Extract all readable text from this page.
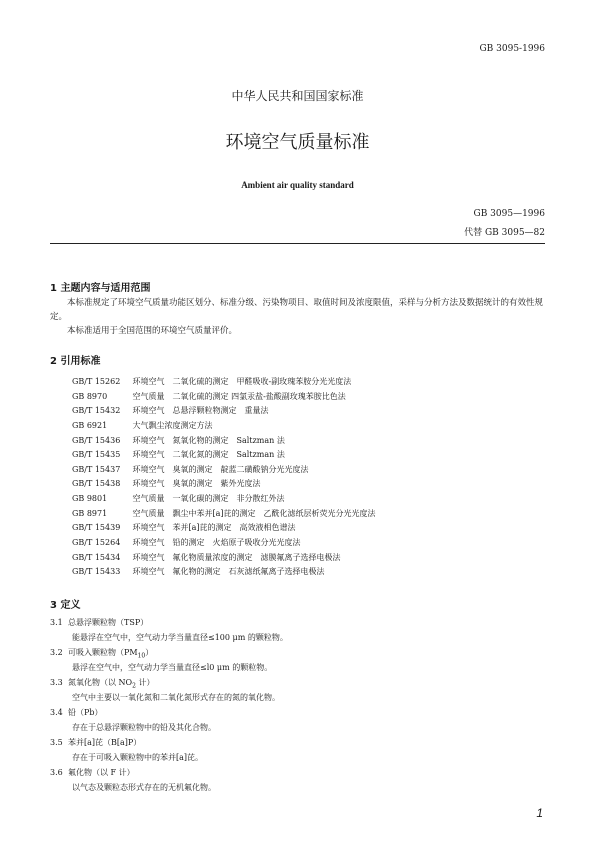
GB 3095-1996
中华人民共和国国家标准
环境空气质量标准
Ambient air quality standard
GB 3095—1996
代替 GB 3095—82
1 主题内容与适用范围

本标准规定了环境空气质量功能区划分、标准分级、污染物项目、取值时间及浓度限值，采样与分析方法及数据统计的有效性规定。

本标准适用于全国范围的环境空气质量评价。

2 引用标准
GB/T 15262 环境空气　二氧化硫的测定　甲醛吸收-副玫瑰苯胺分光光度法
GB 8970	空气质量　二氧化硫的测定 四氯汞盐-盐酸副玫瑰苯胺比色法
GB/T 15432 环境空气　总悬浮颗粒物测定　重量法
GB 6921	大气飘尘浓度测定方法
GB/T 15436 环境空气　氮氧化物的测定　Saltzman 法
GB/T 15435 环境空气　二氧化氮的测定　Saltzman 法
GB/T 15437 环境空气　臭氧的测定　靛蓝二磺酸钠分光光度法
GB/T 15438 环境空气　臭氧的测定　紫外光度法
GB 9801	空气质量　一氧化碳的测定　非分散红外法
GB 8971	空气质量　飘尘中苯并[a]芘的测定　乙酰化滤纸层析荧光分光光度法
GB/T 15439 环境空气　苯并[a]芘的测定　高效液相色谱法
GB/T 15264 环境空气　铅的测定　火焰原子吸收分光光度法
GB/T 15434 环境空气　氟化物质量浓度的测定　滤膜氟离子选择电极法
GB/T 15433 环境空气　氟化物的测定　石灰滤纸氟离子选择电极法
3 定义
3.1 总悬浮颗粒物（TSP）
能悬浮在空气中，空气动力学当量直径≤100 μm 的颗粒物。
3.2 可吸入颗粒物$(PM_{10})$
悬浮在空气中，空气动力学当量直径≤l0 μm 的颗粒物。
3.3 氮氧化物（以 $NO_2$ 计）
空气中主要以一氧化氮和二氧化氮形式存在的氮的氧化物。
3.4 铅（Pb）
存在于总悬浮颗粒物中的铅及其化合物。
3.5 苯并[a]芘（B[a]P）
存在于可吸入颗粒物中的苯并[a]芘。
3.6 氟化物（以 F 计）
以气态及颗粒态形式存在的无机氟化物。
1
